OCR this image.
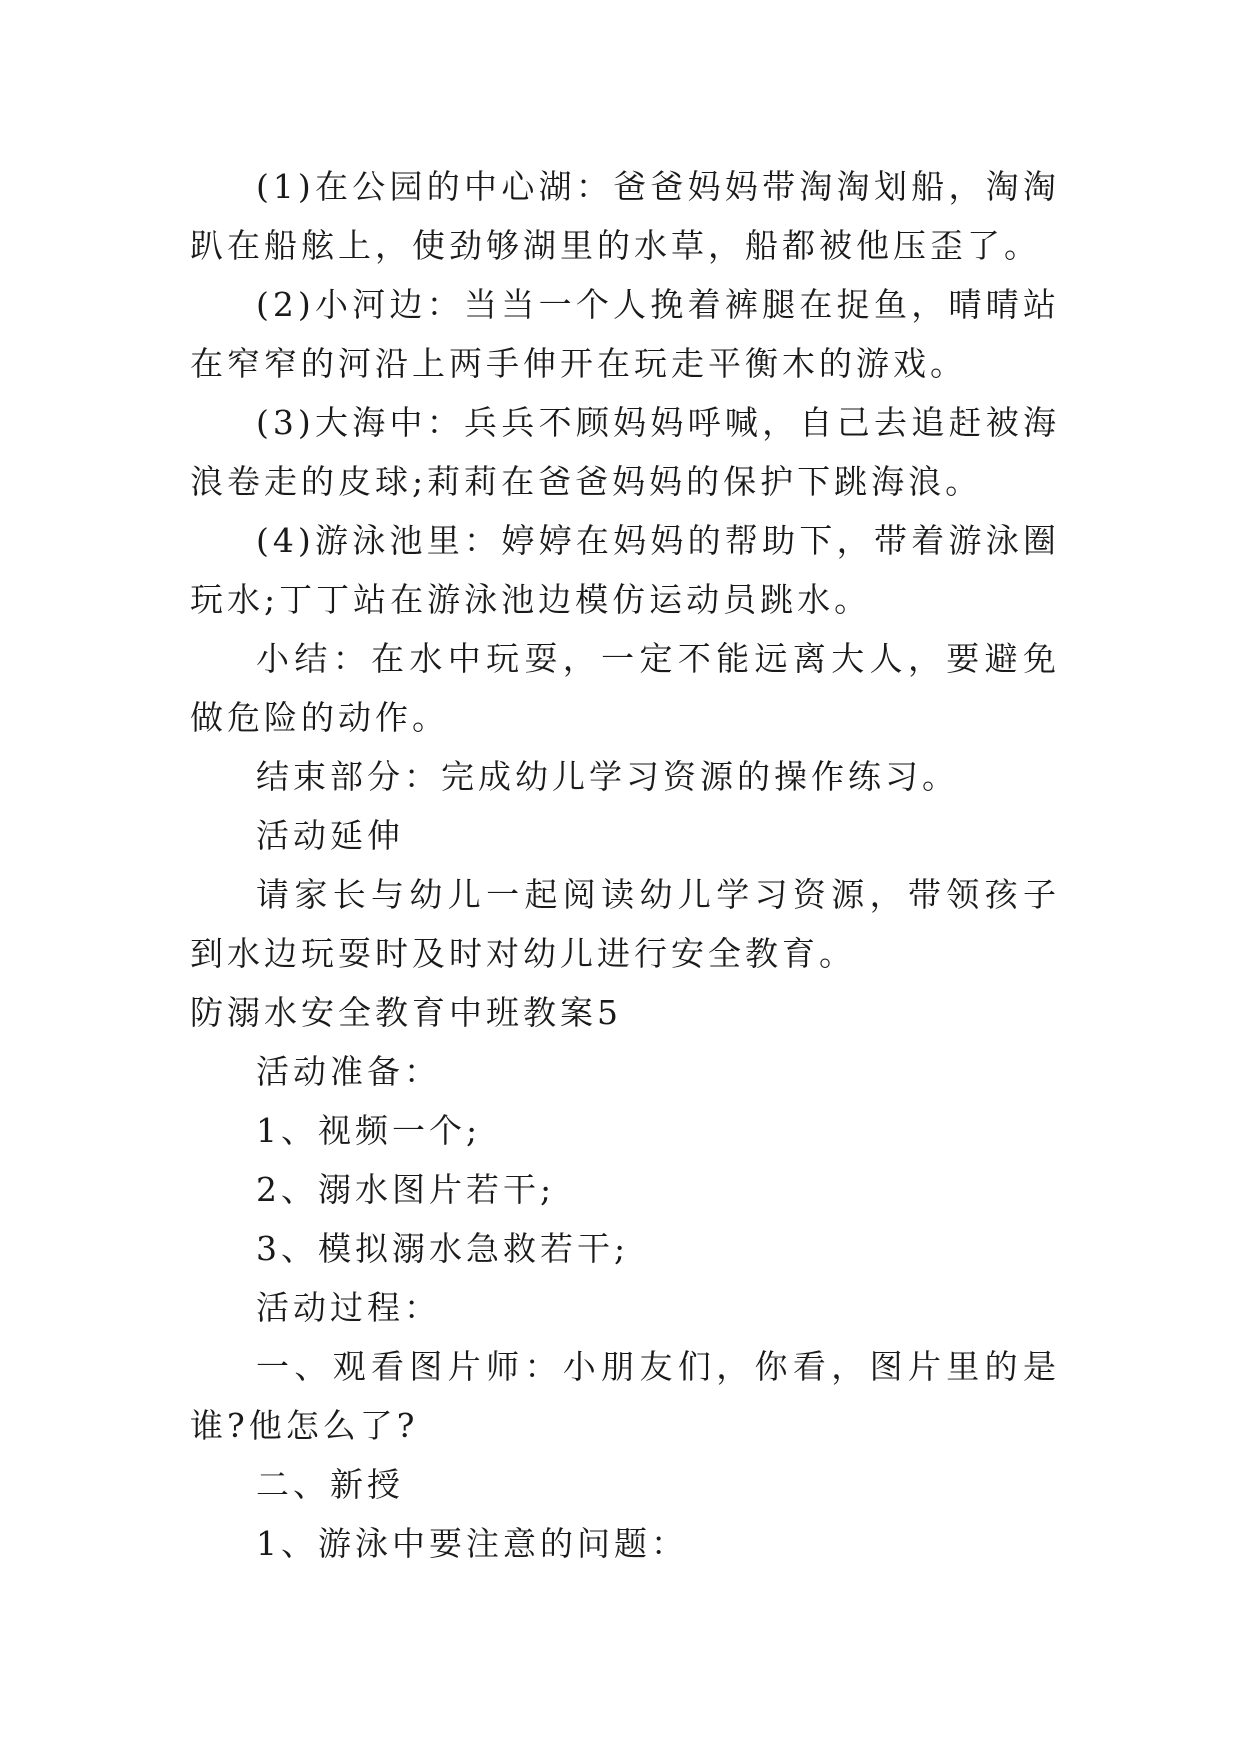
(1)在公园的中心湖：爸爸妈妈带淘淘划船，淘淘趴在船舷上，使劲够湖里的水草，船都被他压歪了。

(2)小河边：当当一个人挽着裤腿在捉鱼，晴晴站在窄窄的河沿上两手伸开在玩走平衡木的游戏。

(3)大海中：兵兵不顾妈妈呼喊，自己去追赶被海浪卷走的皮球;莉莉在爸爸妈妈的保护下跳海浪。

(4)游泳池里：婷婷在妈妈的帮助下，带着游泳圈玩水;丁丁站在游泳池边模仿运动员跳水。

小结：在水中玩耍，一定不能远离大人，要避免做危险的动作。

结束部分：完成幼儿学习资源的操作练习。

活动延伸

请家长与幼儿一起阅读幼儿学习资源，带领孩子到水边玩耍时及时对幼儿进行安全教育。

防溺水安全教育中班教案5

活动准备：

1、视频一个;

2、溺水图片若干;

3、模拟溺水急救若干;

活动过程：

一、观看图片师：小朋友们，你看，图片里的是谁?他怎么了?

二、新授

1、游泳中要注意的问题：
